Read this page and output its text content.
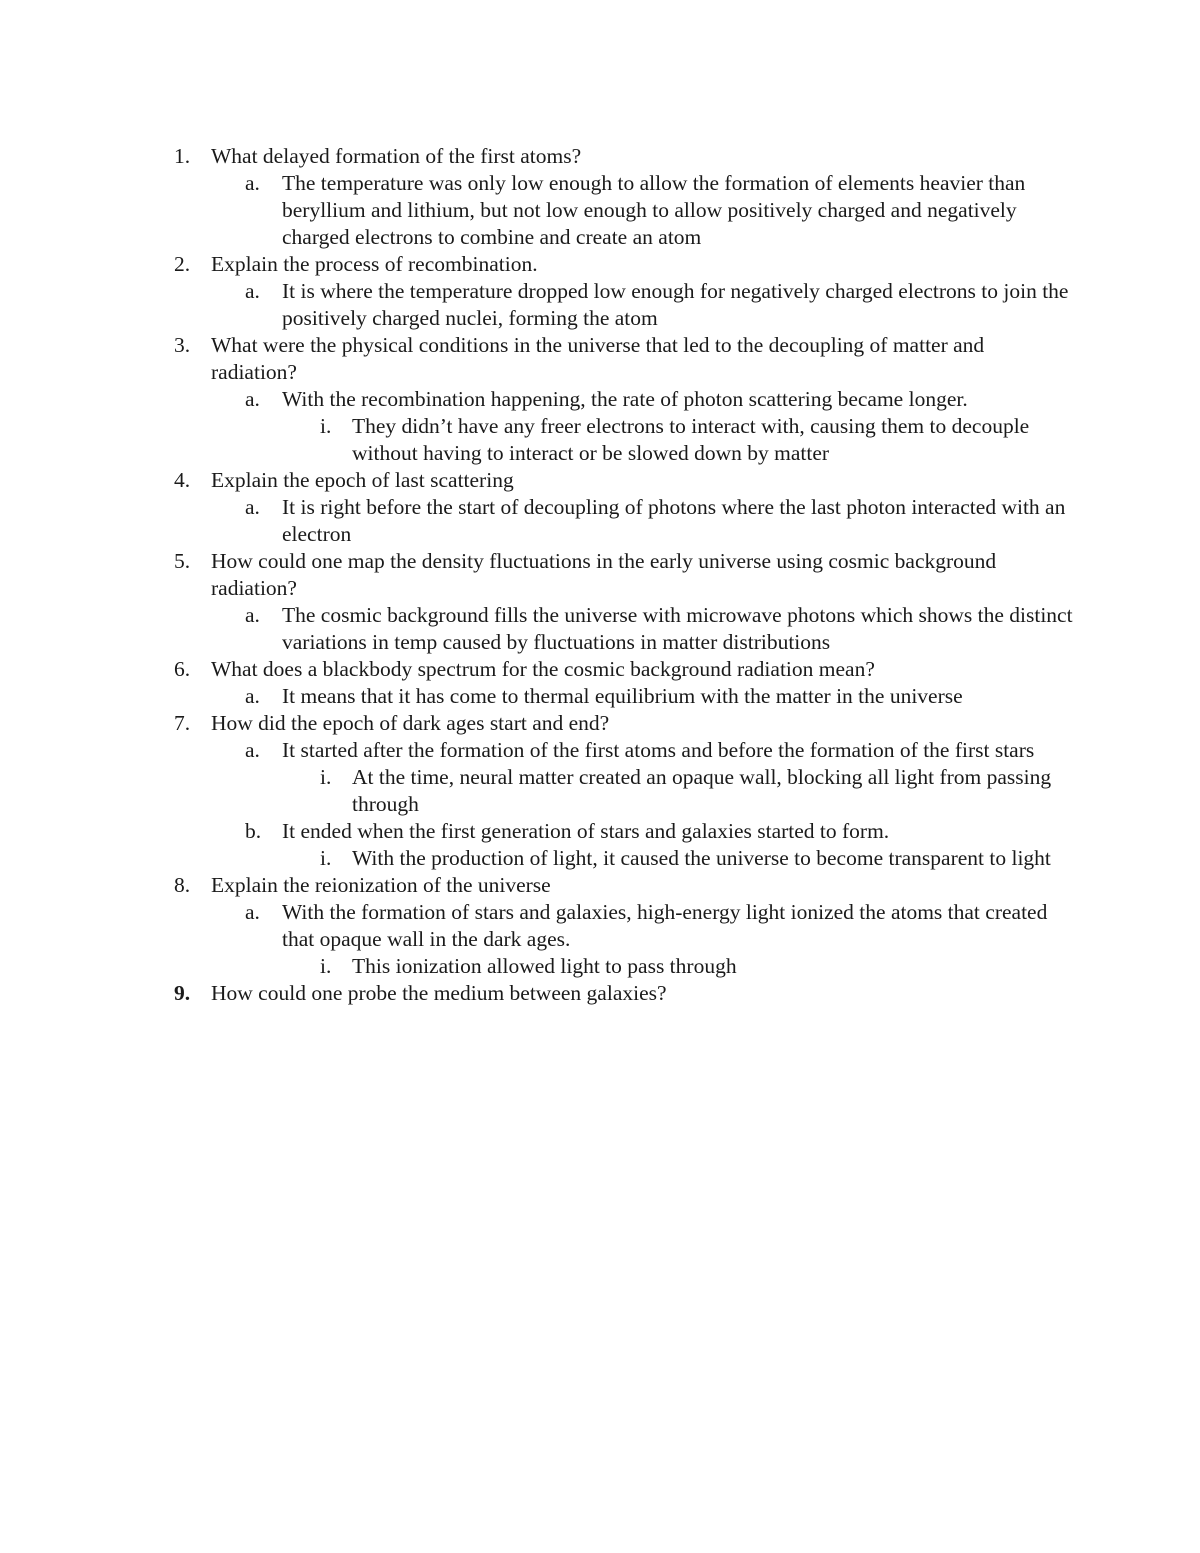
1. What delayed formation of the first atoms?
a. The temperature was only low enough to allow the formation of elements heavier than beryllium and lithium, but not low enough to allow positively charged and negatively charged electrons to combine and create an atom
2. Explain the process of recombination.
a. It is where the temperature dropped low enough for negatively charged electrons to join the positively charged nuclei, forming the atom
3. What were the physical conditions in the universe that led to the decoupling of matter and radiation?
a. With the recombination happening, the rate of photon scattering became longer.
i. They didn’t have any freer electrons to interact with, causing them to decouple without having to interact or be slowed down by matter
4. Explain the epoch of last scattering
a. It is right before the start of decoupling of photons where the last photon interacted with an electron
5. How could one map the density fluctuations in the early universe using cosmic background radiation?
a. The cosmic background fills the universe with microwave photons which shows the distinct variations in temp caused by fluctuations in matter distributions
6. What does a blackbody spectrum for the cosmic background radiation mean?
a. It means that it has come to thermal equilibrium with the matter in the universe
7. How did the epoch of dark ages start and end?
a. It started after the formation of the first atoms and before the formation of the first stars
i. At the time, neural matter created an opaque wall, blocking all light from passing through
b. It ended when the first generation of stars and galaxies started to form.
i. With the production of light, it caused the universe to become transparent to light
8. Explain the reionization of the universe
a. With the formation of stars and galaxies, high-energy light ionized the atoms that created that opaque wall in the dark ages.
i. This ionization allowed light to pass through
9. How could one probe the medium between galaxies?
